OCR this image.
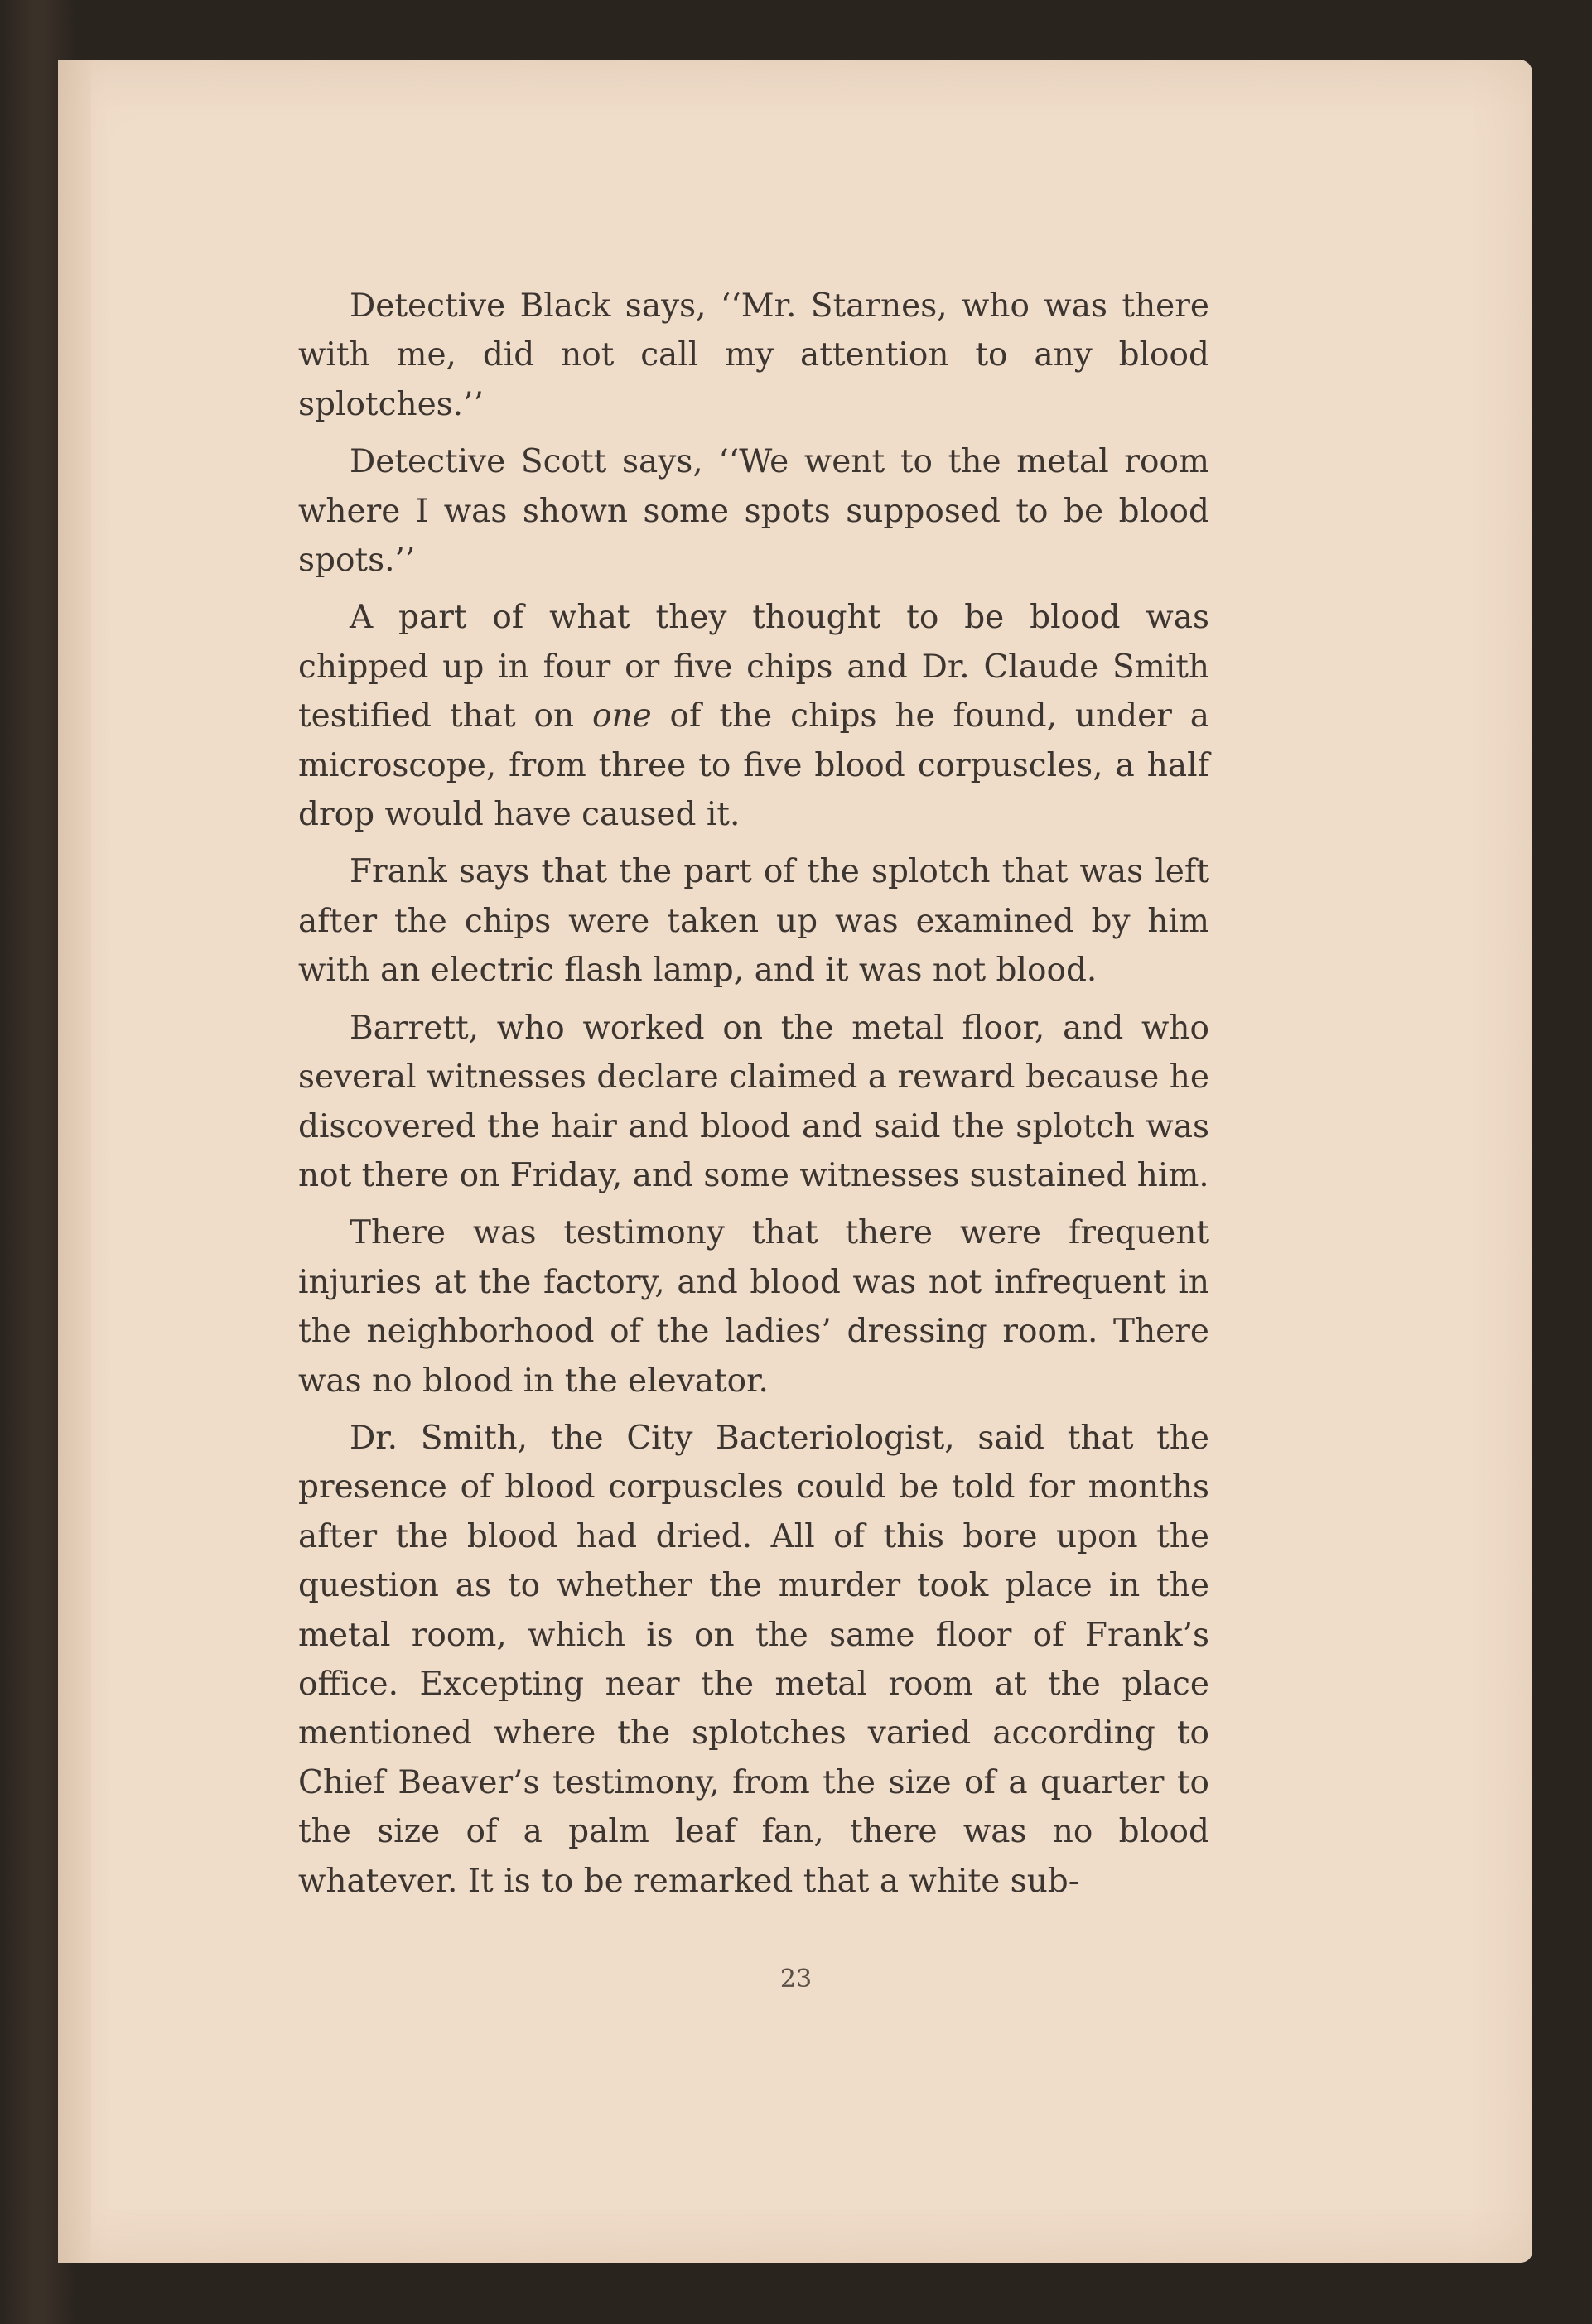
Detective Black says, ‘‘Mr. Starnes, who was there with me, did not call my attention to any blood splotches.’’

Detective Scott says, ‘‘We went to the metal room where I was shown some spots supposed to be blood spots.’’

A part of what they thought to be blood was chipped up in four or five chips and Dr. Claude Smith testified that on one of the chips he found, under a microscope, from three to five blood corpuscles, a half drop would have caused it.

Frank says that the part of the splotch that was left after the chips were taken up was examined by him with an electric flash lamp, and it was not blood.

Barrett, who worked on the metal floor, and who several witnesses declare claimed a reward because he discovered the hair and blood and said the splotch was not there on Friday, and some witnesses sustained him.

There was testimony that there were frequent injuries at the factory, and blood was not infrequent in the neighborhood of the ladies’ dressing room. There was no blood in the elevator.

Dr. Smith, the City Bacteriologist, said that the presence of blood corpuscles could be told for months after the blood had dried. All of this bore upon the question as to whether the murder took place in the metal room, which is on the same floor of Frank’s office. Excepting near the metal room at the place mentioned where the splotches varied according to Chief Beaver’s testimony, from the size of a quarter to the size of a palm leaf fan, there was no blood whatever. It is to be remarked that a white sub-

23
